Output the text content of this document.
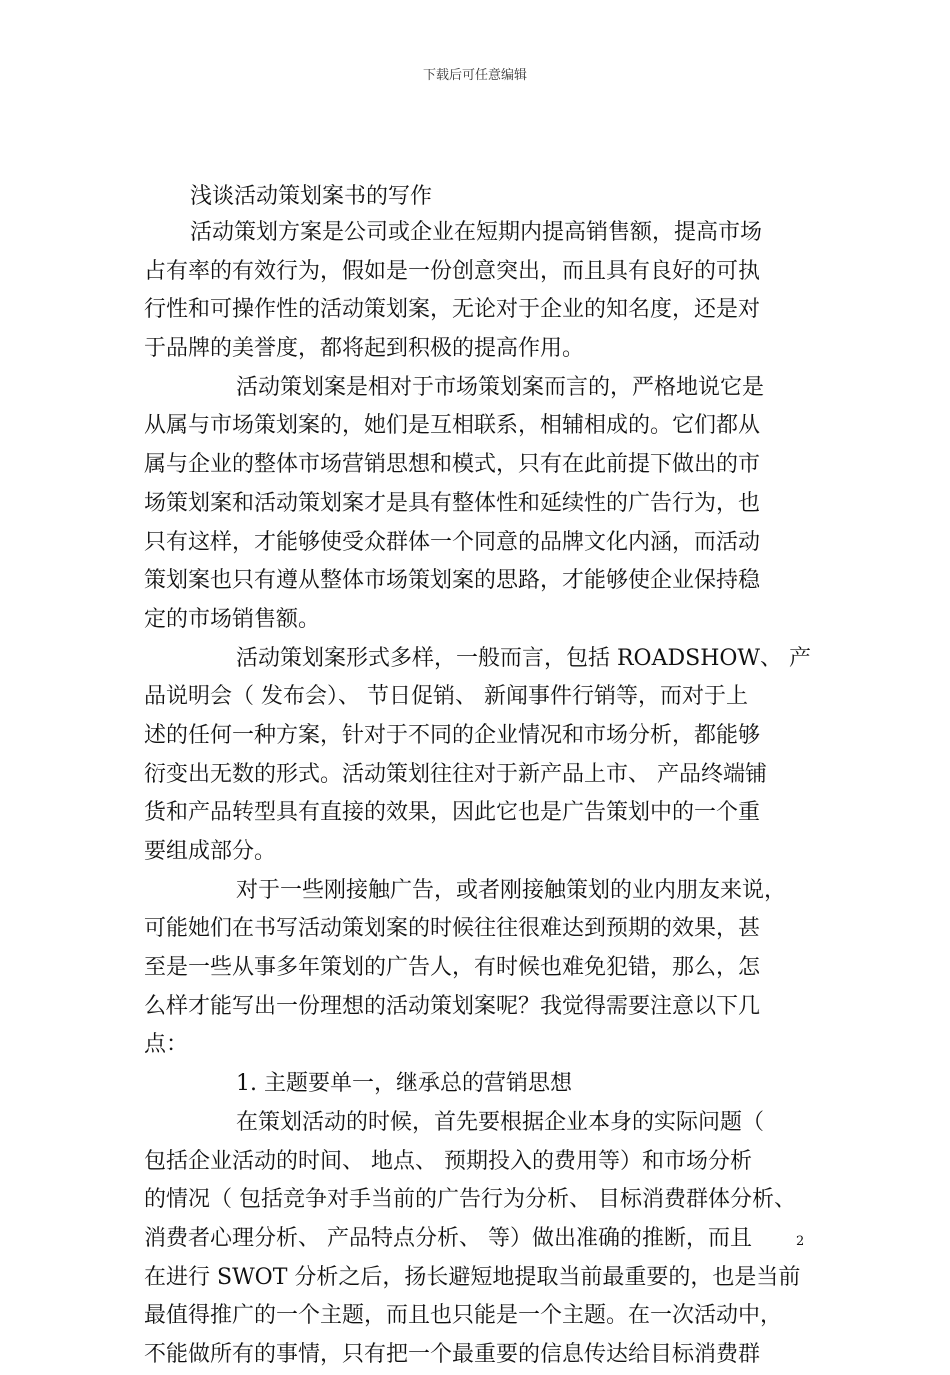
下载后可任意编辑
浅谈活动策划案书的写作
活动策划方案是公司或企业在短期内提高销售额，提高市场
占有率的有效行为，假如是一份创意突出，而且具有良好的可执
行性和可操作性的活动策划案，无论对于企业的知名度，还是对
于品牌的美誉度，都将起到积极的提高作用。
活动策划案是相对于市场策划案而言的，严格地说它是
从属与市场策划案的，她们是互相联系，相辅相成的。它们都从
属与企业的整体市场营销思想和模式，只有在此前提下做出的市
场策划案和活动策划案才是具有整体性和延续性的广告行为，也
只有这样，才能够使受众群体一个同意的品牌文化内涵，而活动
策划案也只有遵从整体市场策划案的思路，才能够使企业保持稳
定的市场销售额。
活动策划案形式多样，一般而言，包括 ROADSHOW、 产
品说明会（ 发布会）、 节日促销、 新闻事件行销等，而对于上
述的任何一种方案，针对于不同的企业情况和市场分析，都能够
衍变出无数的形式。活动策划往往对于新产品上市、 产品终端铺
货和产品转型具有直接的效果，因此它也是广告策划中的一个重
要组成部分。
对于一些刚接触广告，或者刚接触策划的业内朋友来说，
可能她们在书写活动策划案的时候往往很难达到预期的效果，甚
至是一些从事多年策划的广告人，有时候也难免犯错，那么，怎
么样才能写出一份理想的活动策划案呢？我觉得需要注意以下几
点：
1. 主题要单一，继承总的营销思想
在策划活动的时候，首先要根据企业本身的实际问题（
包括企业活动的时间、 地点、 预期投入的费用等）和市场分析
的情况（ 包括竞争对手当前的广告行为分析、 目标消费群体分析、
消费者心理分析、 产品特点分析、 等）做出准确的推断，而且
在进行 SWOT 分析之后，扬长避短地提取当前最重要的，也是当前
最值得推广的一个主题，而且也只能是一个主题。在一次活动中，
不能做所有的事情，只有把一个最重要的信息传达给目标消费群
2
